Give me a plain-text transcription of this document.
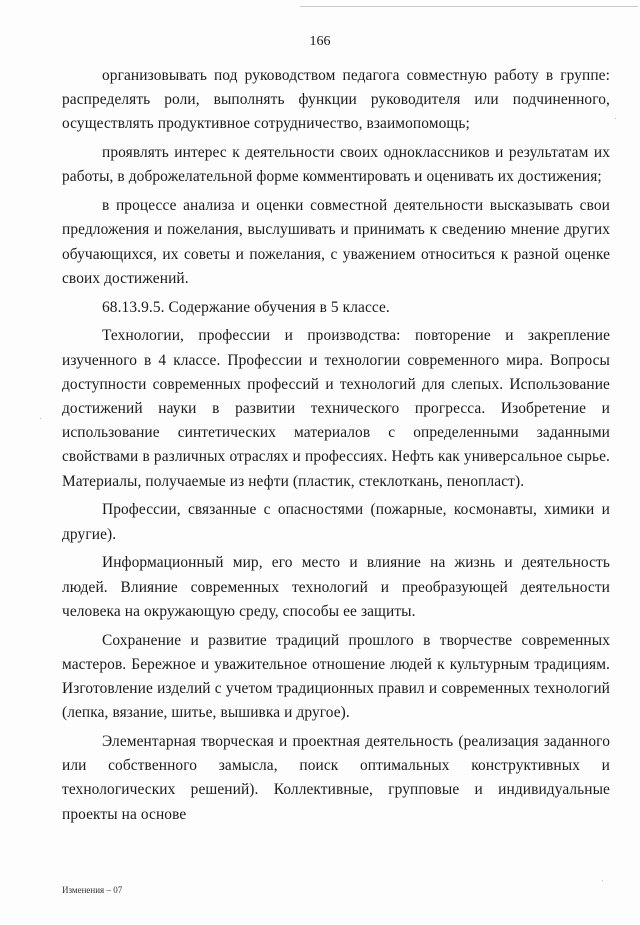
166

организовывать под руководством педагога совместную работу в группе: распределять роли, выполнять функции руководителя или подчиненного, осуществлять продуктивное сотрудничество, взаимопомощь;

проявлять интерес к деятельности своих одноклассников и результатам их работы, в доброжелательной форме комментировать и оценивать их достижения;

в процессе анализа и оценки совместной деятельности высказывать свои предложения и пожелания, выслушивать и принимать к сведению мнение других обучающихся, их советы и пожелания, с уважением относиться к разной оценке своих достижений.

68.13.9.5. Содержание обучения в 5 классе.

Технологии, профессии и производства: повторение и закрепление изученного в 4 классе. Профессии и технологии современного мира. Вопросы доступности современных профессий и технологий для слепых. Использование достижений науки в развитии технического прогресса. Изобретение и использование синтетических материалов с определенными заданными свойствами в различных отраслях и профессиях. Нефть как универсальное сырье. Материалы, получаемые из нефти (пластик, стеклоткань, пенопласт).

Профессии, связанные с опасностями (пожарные, космонавты, химики и другие).

Информационный мир, его место и влияние на жизнь и деятельность людей. Влияние современных технологий и преобразующей деятельности человека на окружающую среду, способы ее защиты.

Сохранение и развитие традиций прошлого в творчестве современных мастеров. Бережное и уважительное отношение людей к культурным традициям. Изготовление изделий с учетом традиционных правил и современных технологий (лепка, вязание, шитье, вышивка и другое).

Элементарная творческая и проектная деятельность (реализация заданного или собственного замысла, поиск оптимальных конструктивных и технологических решений). Коллективные, групповые и индивидуальные проекты на основе

Изменения – 07
